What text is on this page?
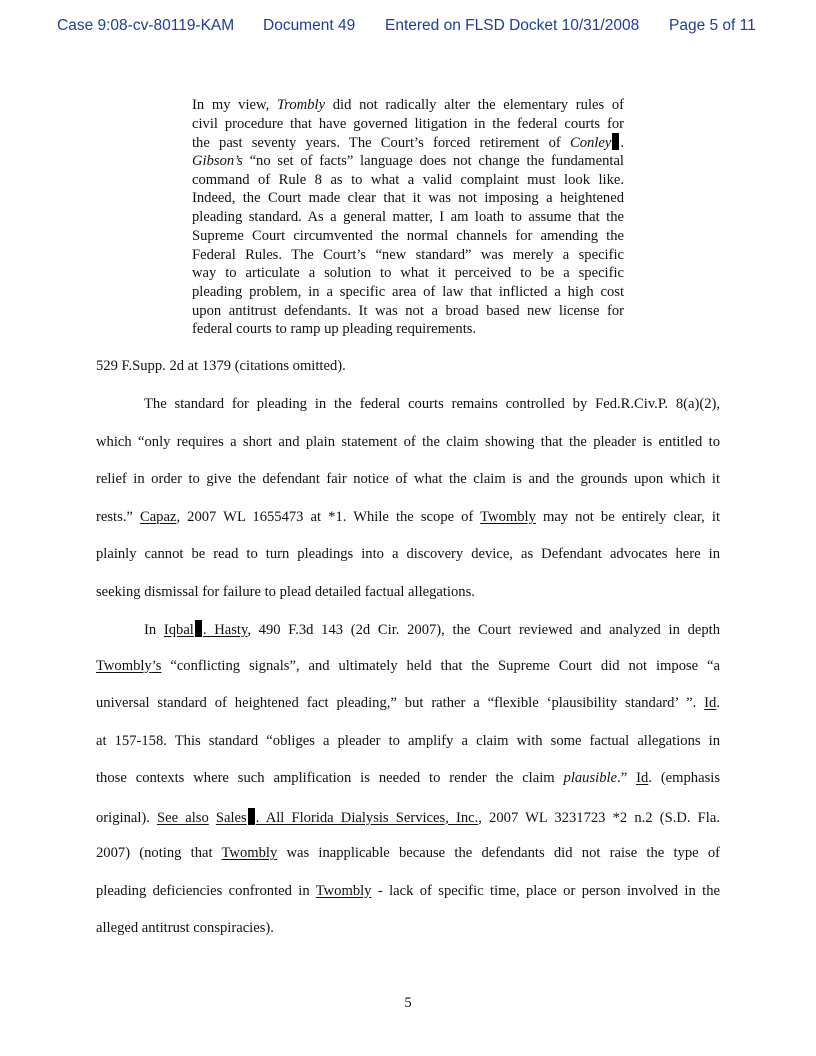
Case 9:08-cv-80119-KAM Document 49 Entered on FLSD Docket 10/31/2008 Page 5 of 11
In my view, Trombly did not radically alter the elementary rules of
civil procedure that have governed litigation in the federal courts for
the past seventy years. The Court’s forced retirement of Conley .
Gibson’s “no set of facts” language does not change the fundamental
command of Rule 8 as to what a valid complaint must look like.
Indeed, the Court made clear that it was not imposing a heightened
pleading standard. As a general matter, I am loath to assume that the
Supreme Court circumvented the normal channels for amending the
Federal Rules. The Court’s “new standard” was merely a specific
way to articulate a solution to what it perceived to be a specific
pleading problem, in a specific area of law that inflicted a high cost
upon antitrust defendants. It was not a broad based new license for
federal courts to ramp up pleading requirements.
529 F.Supp. 2d at 1379 (citations omitted).
The standard for pleading in the federal courts remains controlled by Fed.R.Civ.P. 8(a)(2),
which “only requires a short and plain statement of the claim showing that the pleader is entitled to
relief in order to give the defendant fair notice of what the claim is and the grounds upon which it
rests.” Capaz, 2007 WL 1655473 at *1. While the scope of Twombly may not be entirely clear, it
plainly cannot be read to turn pleadings into a discovery device, as Defendant advocates here in
seeking dismissal for failure to plead detailed factual allegations.
In Iqbal . Hasty, 490 F.3d 143 (2d Cir. 2007), the Court reviewed and analyzed in depth
Twombly’s “conflicting signals”, and ultimately held that the Supreme Court did not impose “a
universal standard of heightened fact pleading,” but rather a “flexible ‘plausibility standard’ ”. Id.
at 157-158. This standard “obliges a pleader to amplify a claim with some factual allegations in
those contexts where such amplification is needed to render the claim plausible.” Id. (emphasis
original). See also Sales . All Florida Dialysis Services, Inc., 2007 WL 3231723 *2 n.2 (S.D. Fla.
2007) (noting that Twombly was inapplicable because the defendants did not raise the type of
pleading deficiencies confronted in Twombly - lack of specific time, place or person involved in the
alleged antitrust conspiracies).
5
